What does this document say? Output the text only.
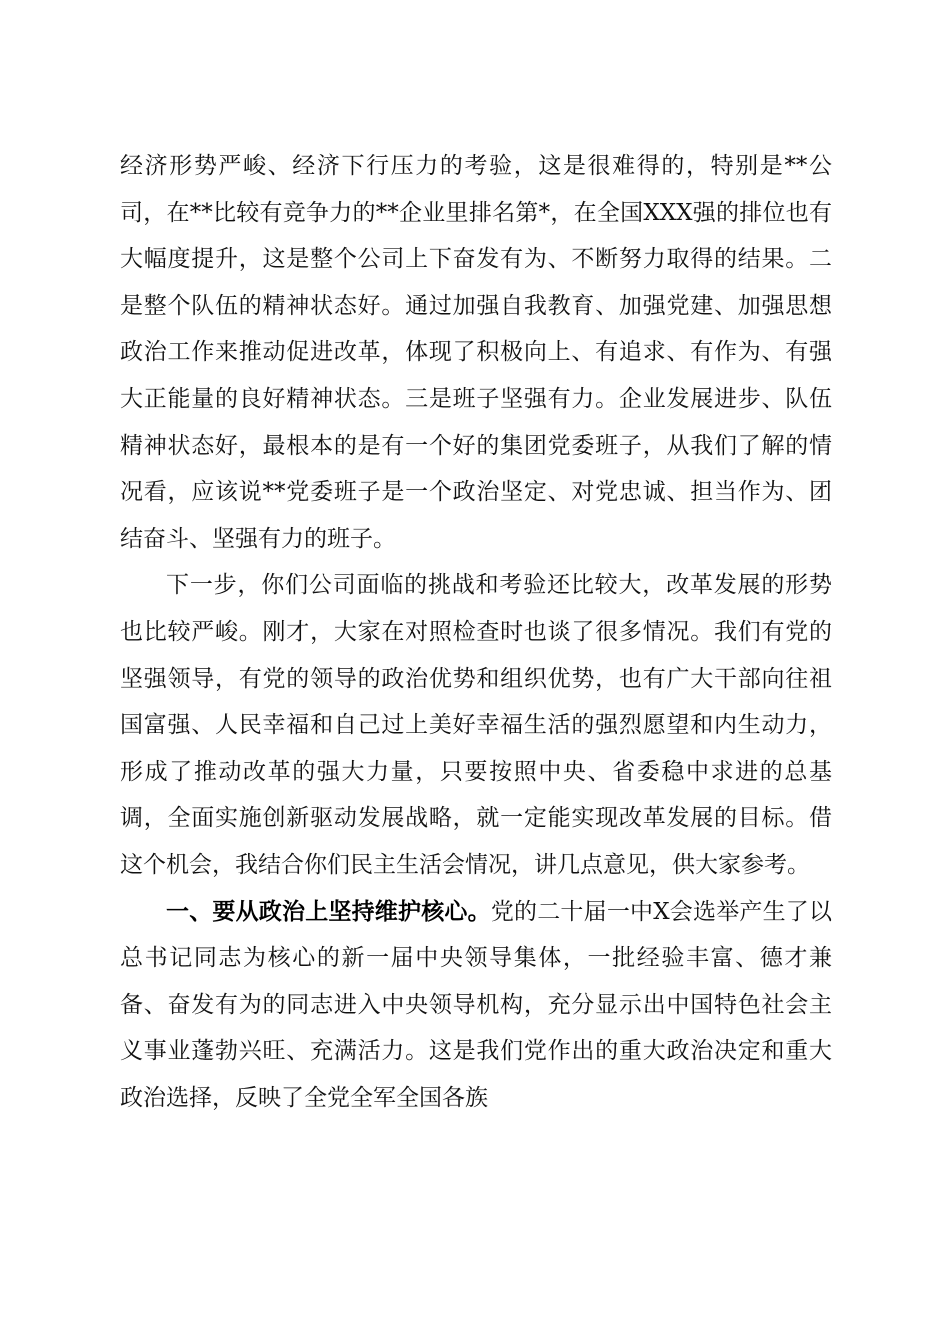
经济形势严峻、经济下行压力的考验，这是很难得的，特别是**公司，在**比较有竞争力的**企业里排名第*，在全国XXX强的排位也有大幅度提升，这是整个公司上下奋发有为、不断努力取得的结果。二是整个队伍的精神状态好。通过加强自我教育、加强党建、加强思想政治工作来推动促进改革，体现了积极向上、有追求、有作为、有强大正能量的良好精神状态。三是班子坚强有力。企业发展进步、队伍精神状态好，最根本的是有一个好的集团党委班子，从我们了解的情况看，应该说**党委班子是一个政治坚定、对党忠诚、担当作为、团结奋斗、坚强有力的班子。

下一步，你们公司面临的挑战和考验还比较大，改革发展的形势也比较严峻。刚才，大家在对照检查时也谈了很多情况。我们有党的坚强领导，有党的领导的政治优势和组织优势，也有广大干部向往祖国富强、人民幸福和自己过上美好幸福生活的强烈愿望和内生动力，形成了推动改革的强大力量，只要按照中央、省委稳中求进的总基调，全面实施创新驱动发展战略，就一定能实现改革发展的目标。借这个机会，我结合你们民主生活会情况，讲几点意见，供大家参考。

一、要从政治上坚持维护核心。党的二十届一中X会选举产生了以总书记同志为核心的新一届中央领导集体，一批经验丰富、德才兼备、奋发有为的同志进入中央领导机构，充分显示出中国特色社会主义事业蓬勃兴旺、充满活力。这是我们党作出的重大政治决定和重大政治选择，反映了全党全军全国各族
